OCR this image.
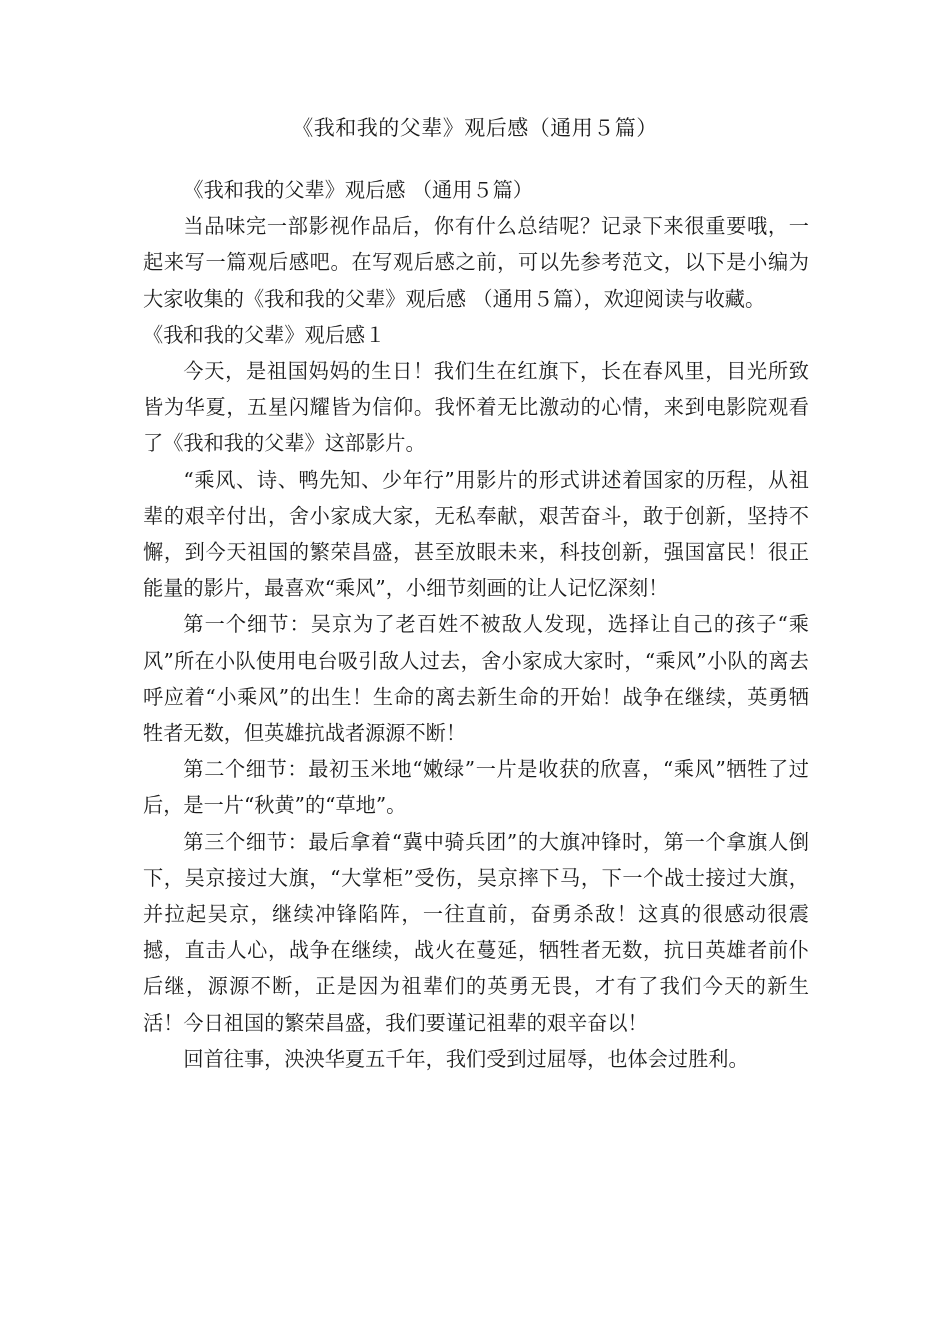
《我和我的父辈》观后感（通用５篇）

《我和我的父辈》观后感 （通用５篇）

当品味完一部影视作品后，你有什么总结呢？记录下来很重要哦，一起来写一篇观后感吧。在写观后感之前，可以先参考范文，以下是小编为大家收集的《我和我的父辈》观后感 （通用５篇），欢迎阅读与收藏。

《我和我的父辈》观后感１

今天，是祖国妈妈的生日！我们生在红旗下，长在春风里，目光所致皆为华夏，五星闪耀皆为信仰。我怀着无比激动的心情，来到电影院观看了《我和我的父辈》这部影片。

“乘风、诗、鸭先知、少年行”用影片的形式讲述着国家的历程，从祖辈的艰辛付出，舍小家成大家，无私奉献，艰苦奋斗，敢于创新，坚持不懈，到今天祖国的繁荣昌盛，甚至放眼未来，科技创新，强国富民！很正能量的影片，最喜欢“乘风”，小细节刻画的让人记忆深刻！

第一个细节：吴京为了老百姓不被敌人发现，选择让自己的孩子“乘风”所在小队使用电台吸引敌人过去，舍小家成大家时，“乘风”小队的离去呼应着“小乘风”的出生！生命的离去新生命的开始！战争在继续，英勇牺牲者无数，但英雄抗战者源源不断！

第二个细节：最初玉米地“嫩绿”一片是收获的欣喜，“乘风”牺牲了过后，是一片“秋黄”的“草地”。

第三个细节：最后拿着“冀中骑兵团”的大旗冲锋时，第一个拿旗人倒下，吴京接过大旗，“大掌柜”受伤，吴京摔下马，下一个战士接过大旗，并拉起吴京，继续冲锋陷阵，一往直前，奋勇杀敌！这真的很感动很震撼，直击人心，战争在继续，战火在蔓延，牺牲者无数，抗日英雄者前仆后继，源源不断，正是因为祖辈们的英勇无畏，才有了我们今天的新生活！今日祖国的繁荣昌盛，我们要谨记祖辈的艰辛奋以！

回首往事，泱泱华夏五千年，我们受到过屈辱，也体会过胜利。
